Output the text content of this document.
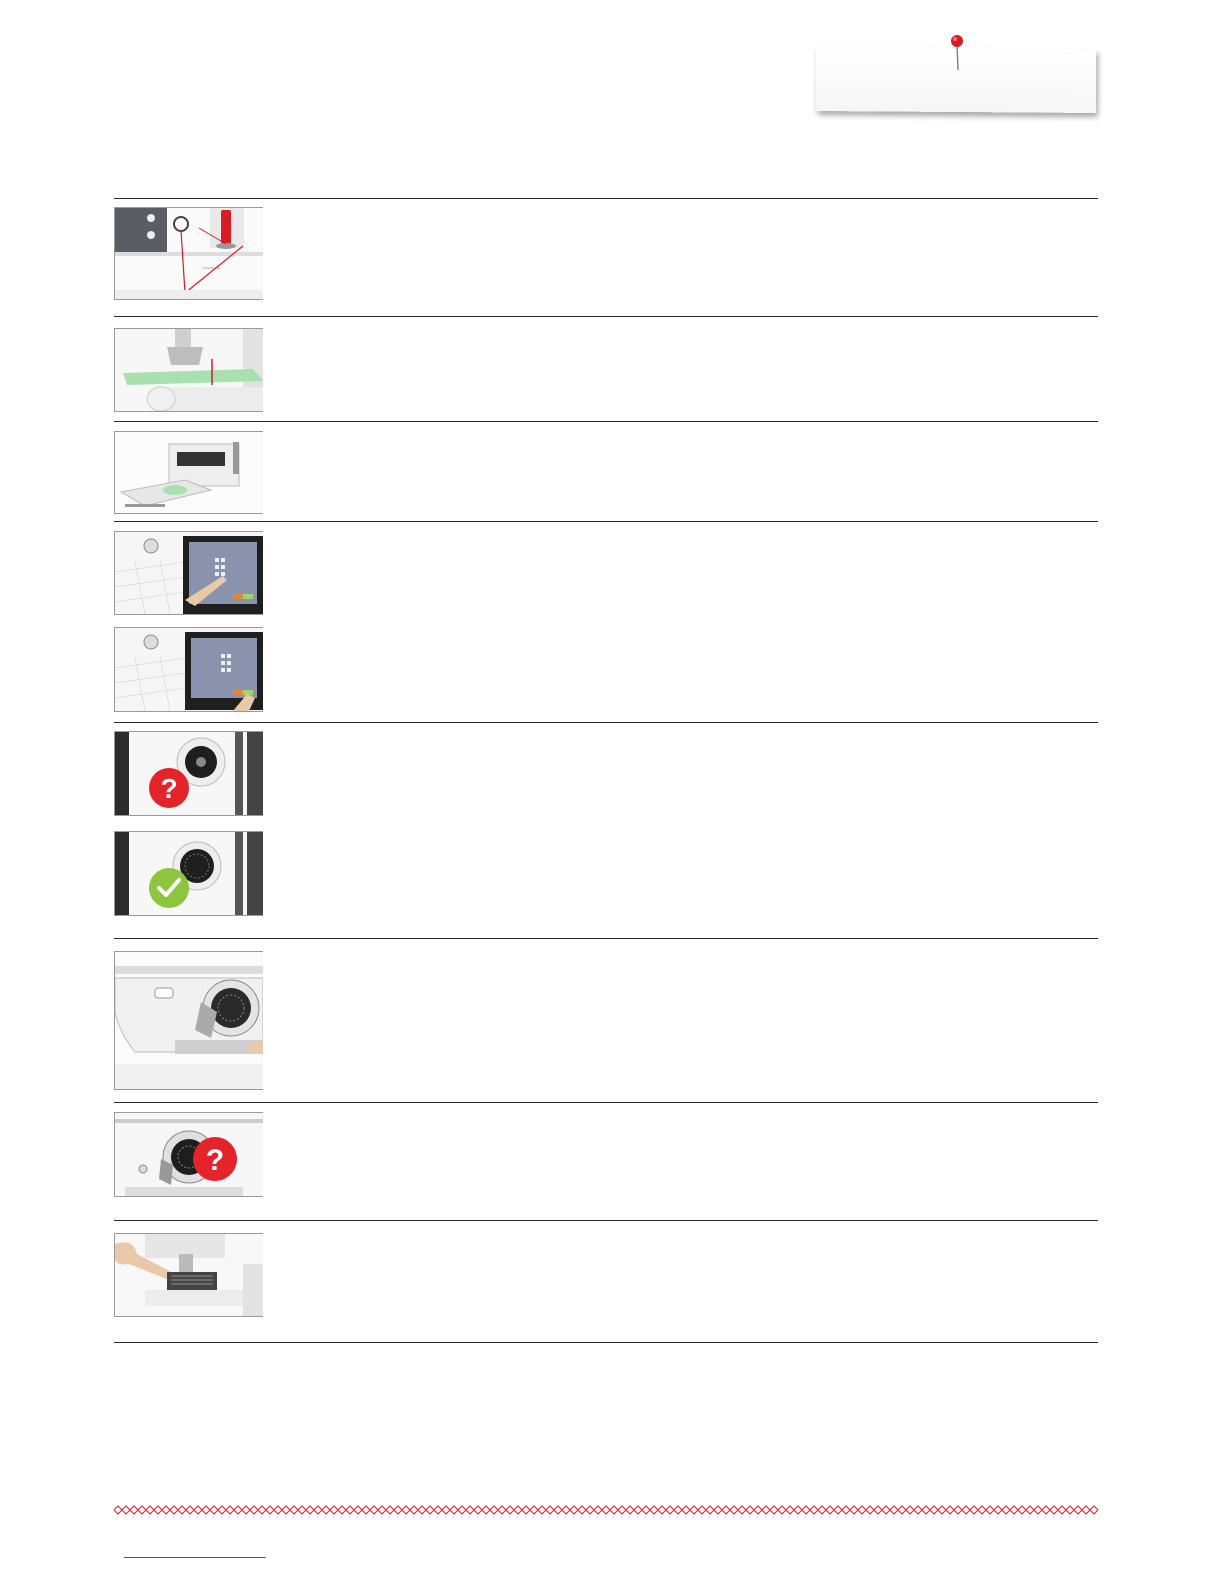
~~~~~
?
?
